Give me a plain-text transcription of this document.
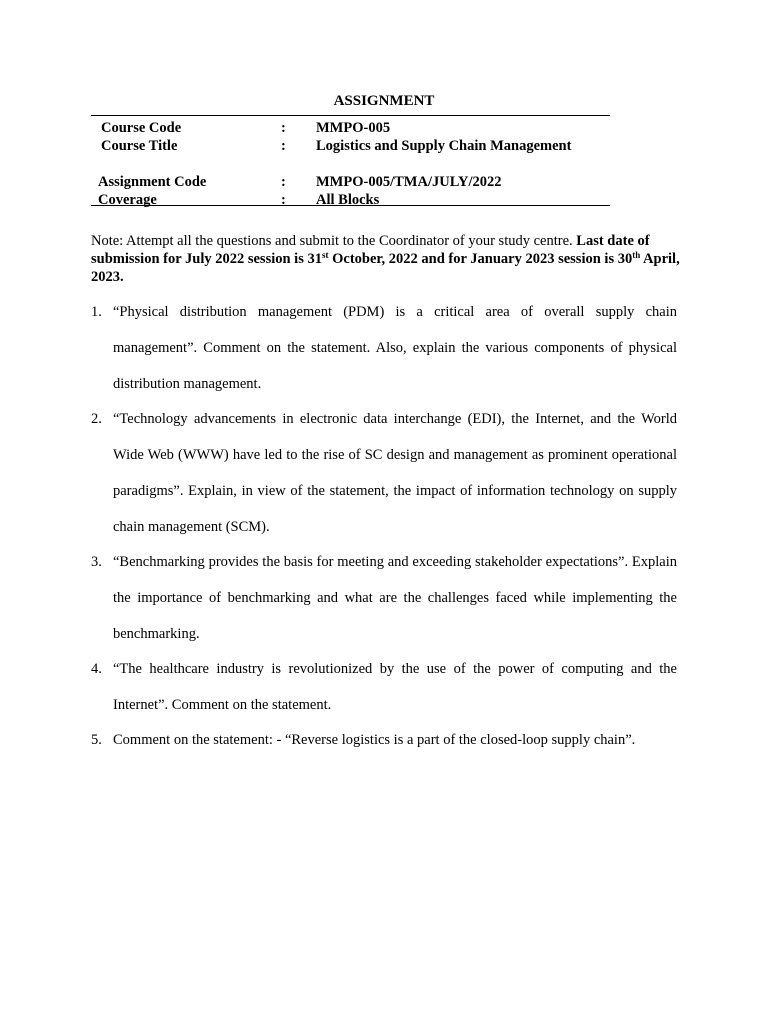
ASSIGNMENT
Course Code	: MMPO-005
Course Title	: Logistics and Supply Chain Management
Assignment Code	: MMPO-005/TMA/JULY/2022
Coverage	: All Blocks
Note: Attempt all the questions and submit to the Coordinator of your study centre. Last date of submission for July 2022 session is 31st October, 2022 and for January 2023 session is 30th April, 2023.
1. “Physical distribution management (PDM) is a critical area of overall supply chain management”. Comment on the statement. Also, explain the various components of physical distribution management.
2. “Technology advancements in electronic data interchange (EDI), the Internet, and the World Wide Web (WWW) have led to the rise of SC design and management as prominent operational paradigms”. Explain, in view of the statement, the impact of information technology on supply chain management (SCM).
3. “Benchmarking provides the basis for meeting and exceeding stakeholder expectations”. Explain the importance of benchmarking and what are the challenges faced while implementing the benchmarking.
4. “The healthcare industry is revolutionized by the use of the power of computing and the Internet”. Comment on the statement.
5. Comment on the statement: - “Reverse logistics is a part of the closed-loop supply chain”.
